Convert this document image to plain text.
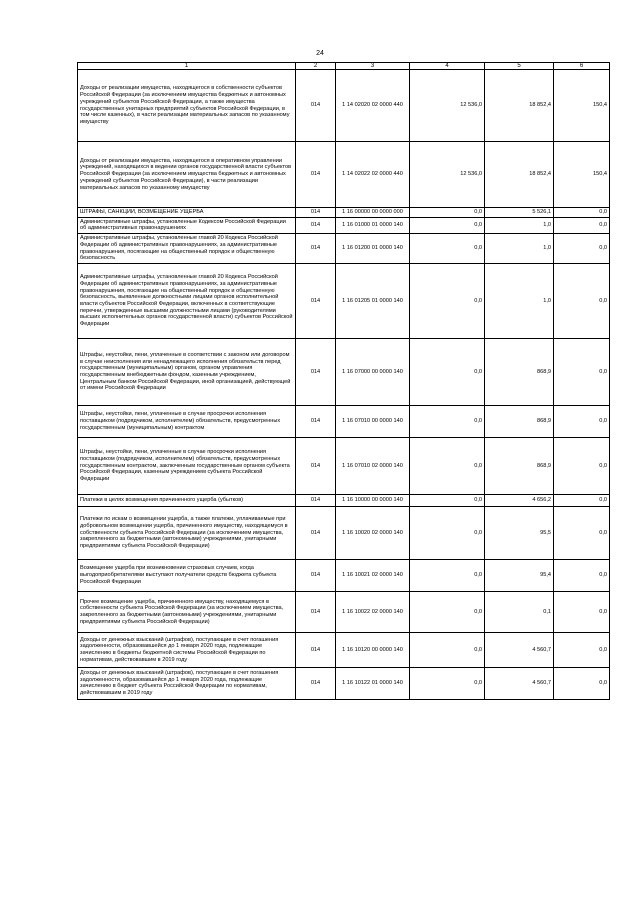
24
1	2	3	4	5	6
Доходы от реализации имущества, находящегося в собственности субъектов Российской Федерации (за исключением имущества бюджетных и автономных учреждений субъектов Российской Федерации, а также имущества государственных унитарных предприятий субъектов Российской Федерации, в том числе казенных), в части реализации материальных запасов по указанному имуществу	014	1 14 02020 02 0000 440	12 536,0	18 852,4	150,4
Доходы от реализации имущества, находящегося в оперативном управлении учреждений, находящихся в ведении органов государственной власти субъектов Российской Федерации (за исключением имущества бюджетных и автономных учреждений субъектов Российской Федерации), в части реализации материальных запасов по указанному имуществу	014	1 14 02022 02 0000 440	12 536,0	18 852,4	150,4
ШТРАФЫ, САНКЦИИ, ВОЗМЕЩЕНИЕ УЩЕРБА	014	1 16 00000 00 0000 000	0,0	5 526,1	0,0
Административные штрафы, установленные Кодексом Российской Федерации об административных правонарушениях	014	1 16 01000 01 0000 140	0,0	1,0	0,0
Административные штрафы, установленные главой 20 Кодекса Российской Федерации об административных правонарушениях, за административные правонарушения, посягающие на общественный порядок и общественную безопасность	014	1 16 01200 01 0000 140	0,0	1,0	0,0
Административные штрафы, установленные главой 20 Кодекса Российской Федерации об административных правонарушениях, за административные правонарушения, посягающие на общественный порядок и общественную безопасность, выявленные должностными лицами органов исполнительной власти субъектов Российской Федерации, включенных в соответствующие перечни, утвержденные высшими должностными лицами (руководителями высших исполнительных органов государственной власти) субъектов Российской Федерации	014	1 16 01205 01 0000 140	0,0	1,0	0,0
Штрафы, неустойки, пени, уплаченные в соответствии с законом или договором в случае неисполнения или ненадлежащего исполнения обязательств перед государственным (муниципальным) органом, органом управления государственным внебюджетным фондом, казенным учреждением, Центральным банком Российской Федерации, иной организацией, действующей от имени Российской Федерации	014	1 16 07000 00 0000 140	0,0	868,9	0,0
Штрафы, неустойки, пени, уплаченные в случае просрочки исполнения поставщиком (подрядчиком, исполнителем) обязательств, предусмотренных государственным (муниципальным) контрактом	014	1 16 07010 00 0000 140	0,0	868,9	0,0
Штрафы, неустойки, пени, уплаченные в случае просрочки исполнения поставщиком (подрядчиком, исполнителем) обязательств, предусмотренных государственным контрактом, заключенным государственным органом субъекта Российской Федерации, казенным учреждением субъекта Российской Федерации	014	1 16 07010 02 0000 140	0,0	868,9	0,0
Платежи в целях возмещения причиненного ущерба (убытков)	014	1 16 10000 00 0000 140	0,0	4 656,2	0,0
Платежи по искам о возмещении ущерба, а также платежи, уплачиваемые при добровольном возмещении ущерба, причиненного имуществу, находящемуся в собственности субъекта Российской Федерации (за исключением имущества, закрепленного за бюджетными (автономными) учреждениями, унитарными предприятиями субъекта Российской Федерации)	014	1 16 10020 02 0000 140	0,0	95,5	0,0
Возмещение ущерба при возникновении страховых случаев, когда выгодоприобретателями выступают получатели средств бюджета субъекта Российской Федерации	014	1 16 10021 02 0000 140	0,0	95,4	0,0
Прочее возмещение ущерба, причиненного имуществу, находящемуся в собственности субъекта Российской Федерации (за исключением имущества, закрепленного за бюджетными (автономными) учреждениями, унитарными предприятиями субъекта Российской Федерации)	014	1 16 10022 02 0000 140	0,0	0,1	0,0
Доходы от денежных взысканий (штрафов), поступающие в счет погашения задолженности, образовавшейся до 1 января 2020 года, подлежащие зачислению в бюджеты бюджетной системы Российской Федерации по нормативам, действовавшим в 2019 году	014	1 16 10120 00 0000 140	0,0	4 560,7	0,0
Доходы от денежных взысканий (штрафов), поступающие в счет погашения задолженности, образовавшейся до 1 января 2020 года, подлежащие зачислению в бюджет субъекта Российской Федерации по нормативам, действовавшим в 2019 году	014	1 16 10122 01 0000 140	0,0	4 560,7	0,0
